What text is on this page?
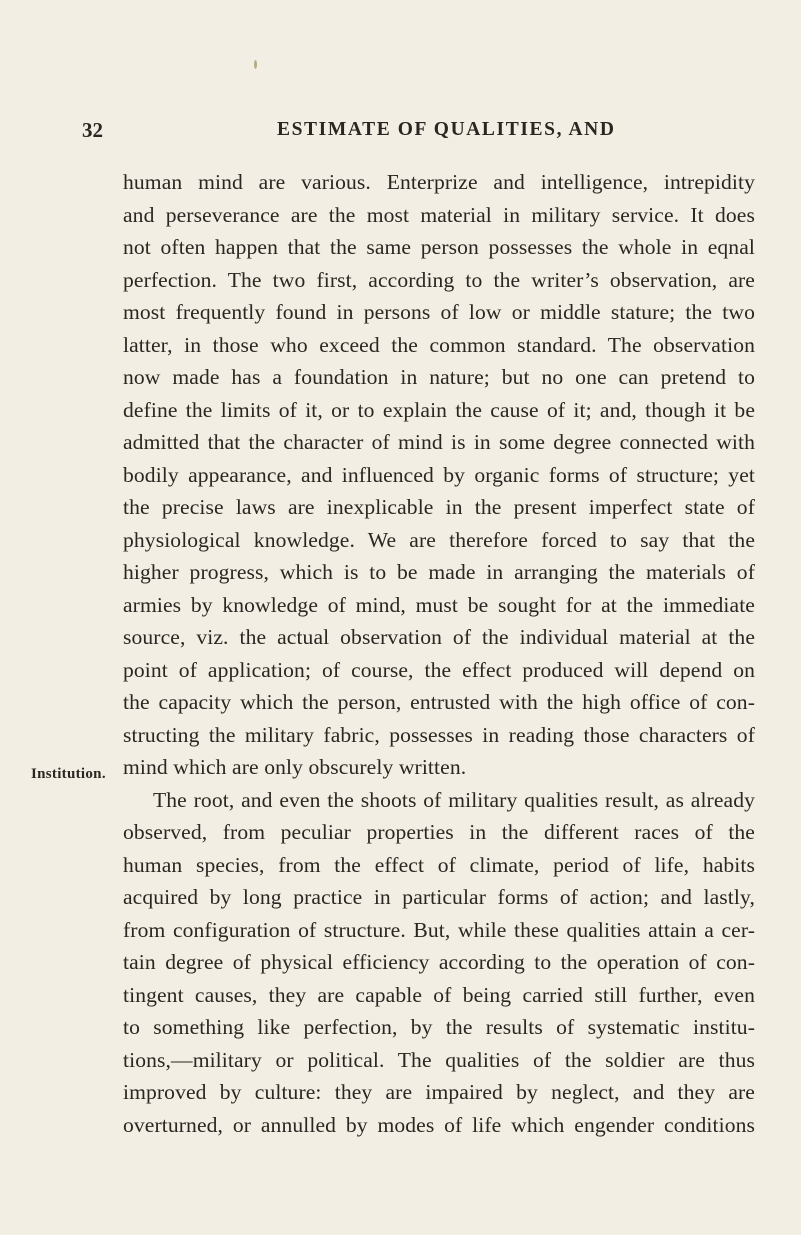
32	ESTIMATE OF QUALITIES, AND
Institution.
human mind are various. Enterprize and intelligence, intrepidity
and perseverance are the most material in military service. It does
not often happen that the same person possesses the whole in eqnal
perfection. The two first, according to the writer’s observation, are
most frequently found in persons of low or middle stature; the two
latter, in those who exceed the common standard. The observation
now made has a foundation in nature; but no one can pretend to
define the limits of it, or to explain the cause of it; and, though it be
admitted that the character of mind is in some degree connected with
bodily appearance, and influenced by organic forms of structure; yet
the precise laws are inexplicable in the present imperfect state of
physiological knowledge. We are therefore forced to say that the
higher progress, which is to be made in arranging the materials of
armies by knowledge of mind, must be sought for at the immediate
source, viz. the actual observation of the individual material at the
point of application; of course, the effect produced will depend on
the capacity which the person, entrusted with the high office of con-
structing the military fabric, possesses in reading those characters of
mind which are only obscurely written.
The root, and even the shoots of military qualities result, as already
observed, from peculiar properties in the different races of the
human species, from the effect of climate, period of life, habits
acquired by long practice in particular forms of action; and lastly,
from configuration of structure. But, while these qualities attain a cer-
tain degree of physical efficiency according to the operation of con-
tingent causes, they are capable of being carried still further, even
to something like perfection, by the results of systematic institu-
tions,—military or political. The qualities of the soldier are thus
improved by culture: they are impaired by neglect, and they are
overturned, or annulled by modes of life which engender conditions
